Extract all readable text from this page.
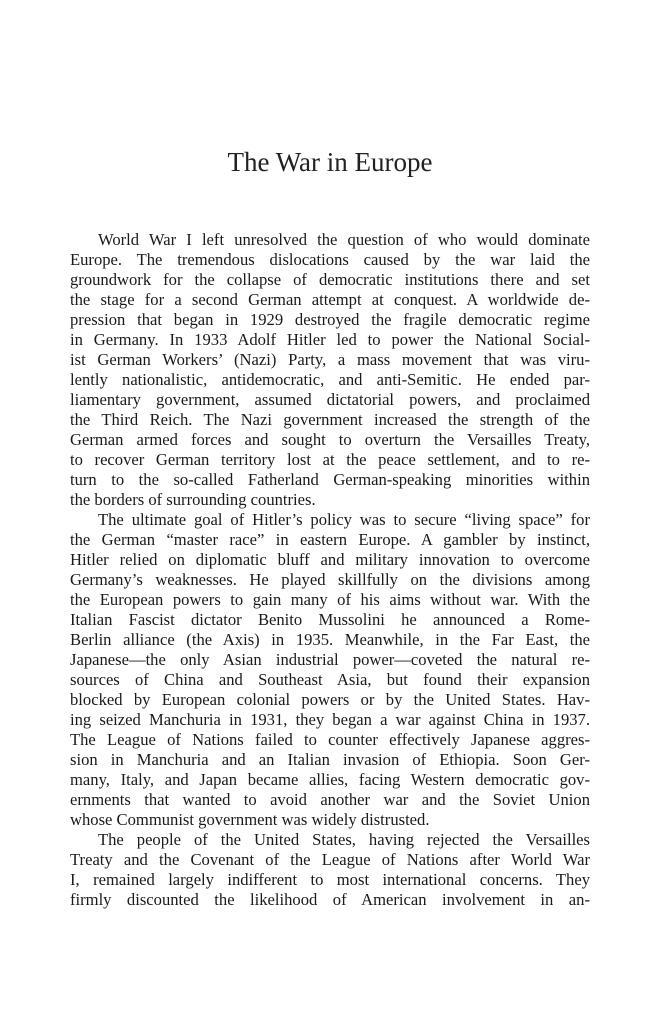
The War in Europe
World War I left unresolved the question of who would dominate
Europe. The tremendous dislocations caused by the war laid the
groundwork for the collapse of democratic institutions there and set
the stage for a second German attempt at conquest. A worldwide de-
pression that began in 1929 destroyed the fragile democratic regime
in Germany. In 1933 Adolf Hitler led to power the National Social-
ist German Workers’ (Nazi) Party, a mass movement that was viru-
lently nationalistic, antidemocratic, and anti-Semitic. He ended par-
liamentary government, assumed dictatorial powers, and proclaimed
the Third Reich. The Nazi government increased the strength of the
German armed forces and sought to overturn the Versailles Treaty,
to recover German territory lost at the peace settlement, and to re-
turn to the so-called Fatherland German-speaking minorities within
the borders of surrounding countries.
The ultimate goal of Hitler’s policy was to secure “living space” for
the German “master race” in eastern Europe. A gambler by instinct,
Hitler relied on diplomatic bluff and military innovation to overcome
Germany’s weaknesses. He played skillfully on the divisions among
the European powers to gain many of his aims without war. With the
Italian Fascist dictator Benito Mussolini he announced a Rome-
Berlin alliance (the Axis) in 1935. Meanwhile, in the Far East, the
Japanese—the only Asian industrial power—coveted the natural re-
sources of China and Southeast Asia, but found their expansion
blocked by European colonial powers or by the United States. Hav-
ing seized Manchuria in 1931, they began a war against China in 1937.
The League of Nations failed to counter effectively Japanese aggres-
sion in Manchuria and an Italian invasion of Ethiopia. Soon Ger-
many, Italy, and Japan became allies, facing Western democratic gov-
ernments that wanted to avoid another war and the Soviet Union
whose Communist government was widely distrusted.
The people of the United States, having rejected the Versailles
Treaty and the Covenant of the League of Nations after World War
I, remained largely indifferent to most international concerns. They
firmly discounted the likelihood of American involvement in an-
